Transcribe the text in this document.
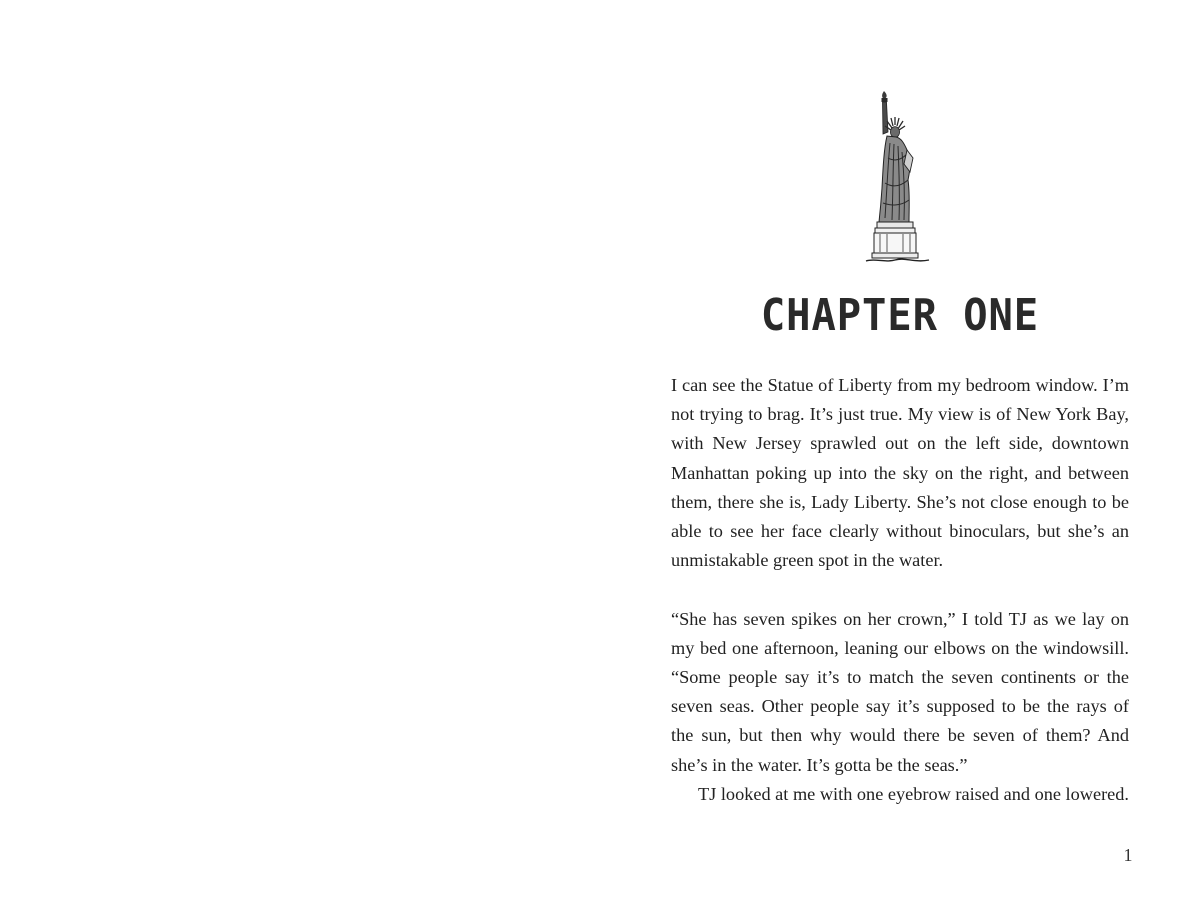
CHAPTER ONE

I can see the Statue of Liberty from my bedroom window. I’m
not trying to brag. It’s just true. My view is of New York Bay,
with New Jersey sprawled out on the left side, downtown
Manhattan poking up into the sky on the right, and between
them, there she is, Lady Liberty. She’s not close enough to be
able to see her face clearly without binoculars, but she’s an
unmistakable green spot in the water.

“She has seven spikes on her crown,” I told TJ as we lay on
my bed one afternoon, leaning our elbows on the windowsill.
“Some people say it’s to match the seven continents or the
seven seas. Other people say it’s supposed to be the rays of
the sun, but then why would there be seven of them? And
she’s in the water. It’s gotta be the seas.”

TJ looked at me with one eyebrow raised and one lowered.

1
